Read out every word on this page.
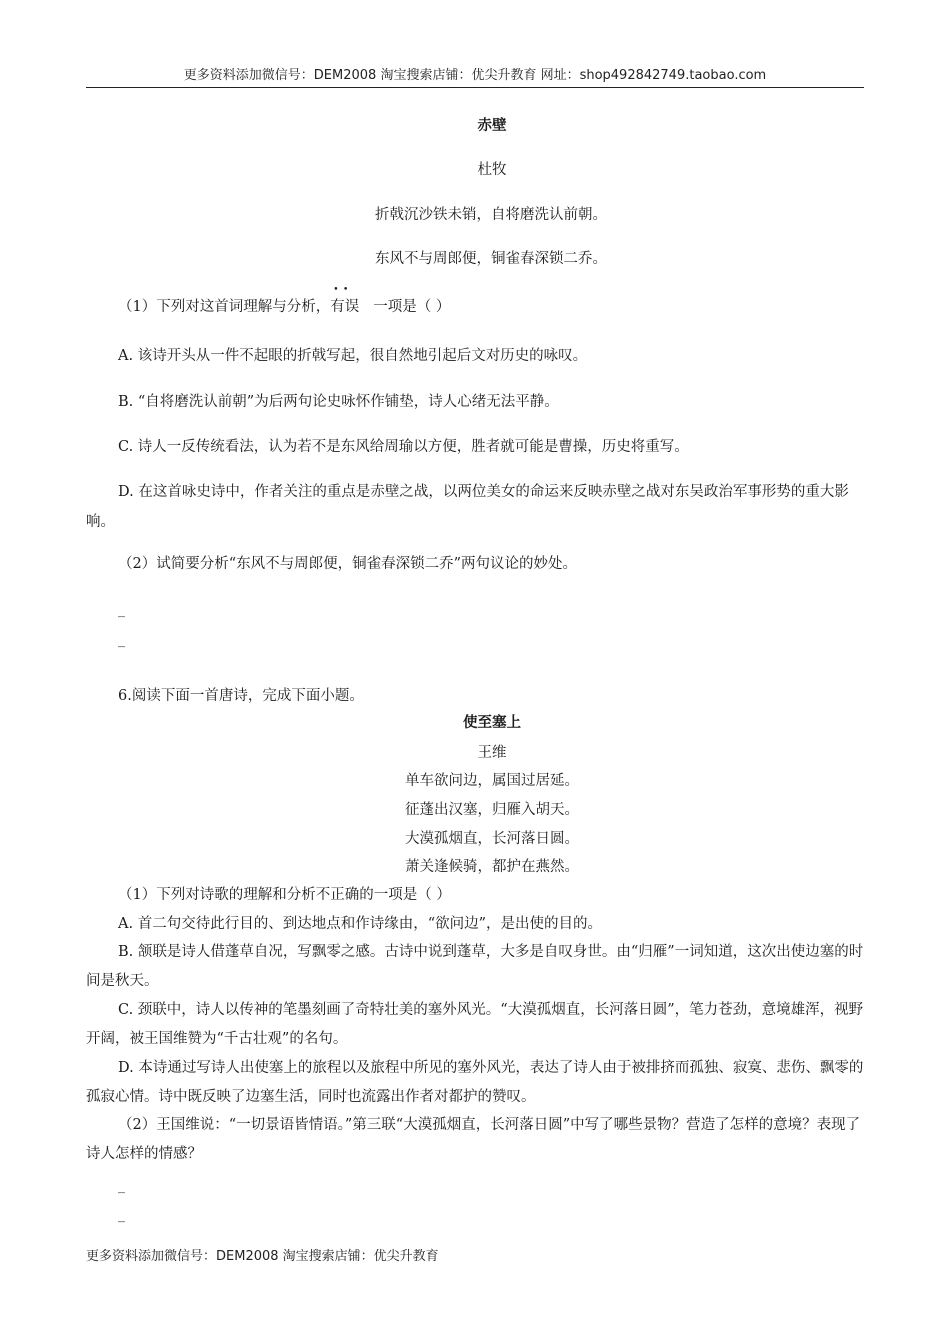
更多资料添加微信号：DEM2008 淘宝搜索店铺：优尖升教育 网址：shop492842749.taobao.com
赤壁
杜牧
折戟沉沙铁未销，自将磨洗认前朝。
东风不与周郎便，铜雀春深锁二乔。
（1）下列对这首词理解与分析，• • 有误 一项是（ ）
A. 该诗开头从一件不起眼的折戟写起，很自然地引起后文对历史的咏叹。
B. “自将磨洗认前朝”为后两句论史咏怀作铺垫，诗人心绪无法平静。
C. 诗人一反传统看法，认为若不是东风给周瑜以方便，胜者就可能是曹操，历史将重写。
D. 在这首咏史诗中，作者关注的重点是赤壁之战，以两位美女的命运来反映赤壁之战对东吴政治军事形势的重大影响。
（2）试简要分析“东风不与周郎便，铜雀春深锁二乔”两句议论的妙处。
_
_
6.阅读下面一首唐诗，完成下面小题。
使至塞上
王维
单车欲问边，属国过居延。
征蓬出汉塞，归雁入胡天。
大漠孤烟直，长河落日圆。
萧关逢候骑，都护在燕然。
（1）下列对诗歌的理解和分析不正确的一项是（ ）
A. 首二句交待此行目的、到达地点和作诗缘由，“欲问边”，是出使的目的。
B. 颔联是诗人借蓬草自况，写飘零之感。古诗中说到蓬草，大多是自叹身世。由“归雁”一词知道，这次出使边塞的时间是秋天。
C. 颈联中，诗人以传神的笔墨刻画了奇特壮美的塞外风光。“大漠孤烟直，长河落日圆”，笔力苍劲，意境雄浑，视野开阔，被王国维赞为“千古壮观”的名句。
D. 本诗通过写诗人出使塞上的旅程以及旅程中所见的塞外风光，表达了诗人由于被排挤而孤独、寂寞、悲伤、飘零的孤寂心情。诗中既反映了边塞生活，同时也流露出作者对都护的赞叹。
（2）王国维说：“一切景语皆情语。”第三联“大漠孤烟直，长河落日圆”中写了哪些景物？营造了怎样的意境？表现了诗人怎样的情感？
_
_
更多资料添加微信号：DEM2008 淘宝搜索店铺：优尖升教育
